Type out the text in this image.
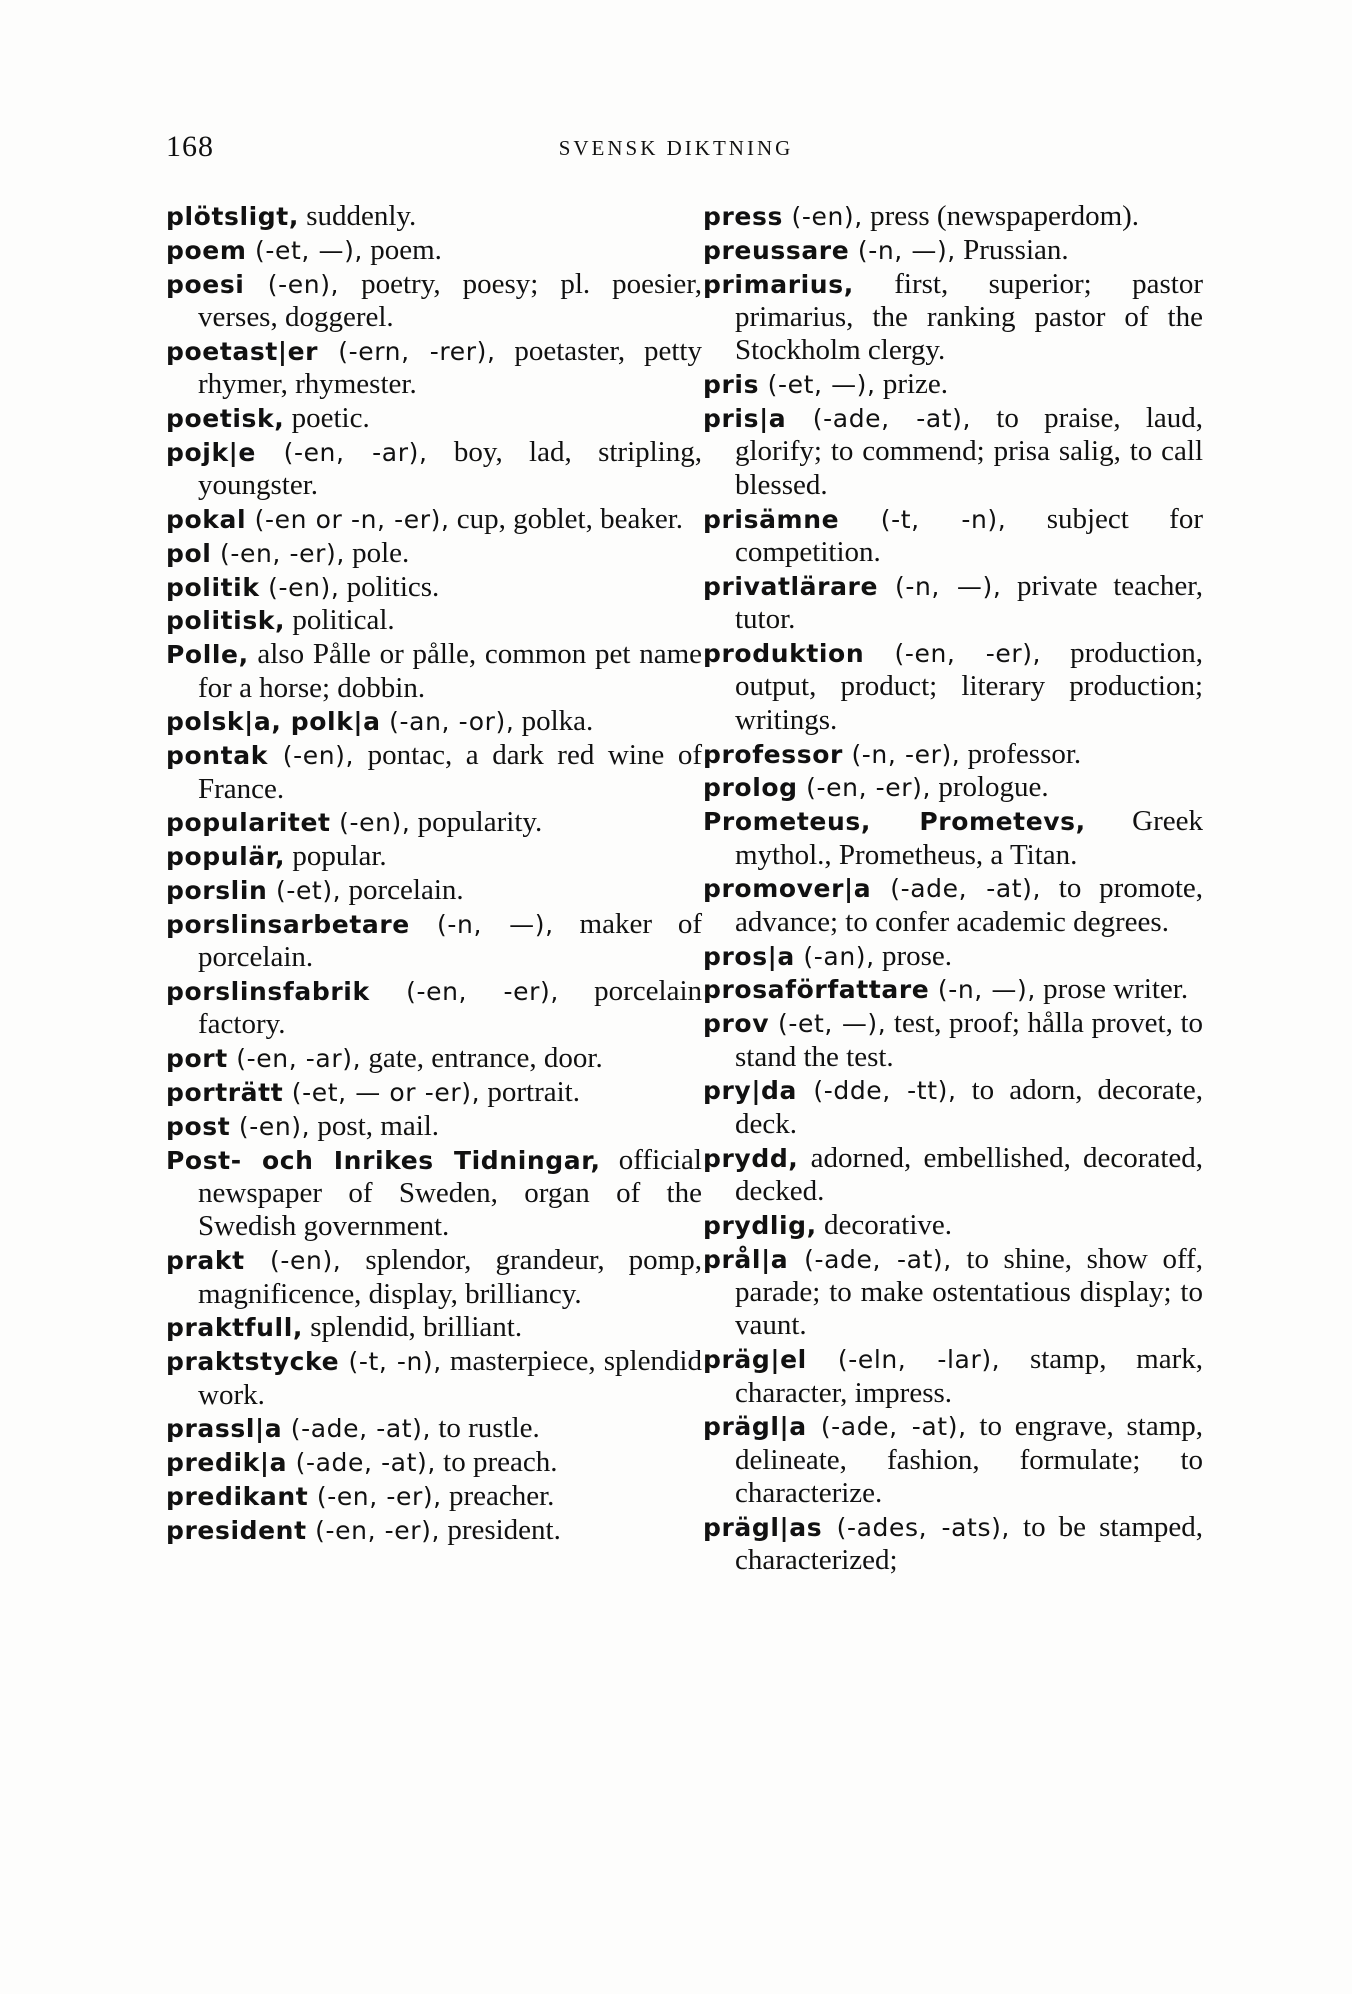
168	SVENSK DIKTNING

plötsligt, suddenly.

poem (-et, —), poem.

poesi (-en), poetry, poesy; pl. poesier, verses, doggerel.

poetast|er (-ern, -rer), poetaster, petty rhymer, rhymester.

poetisk, poetic.

pojk|e (-en, -ar), boy, lad, stripling, youngster.

pokal (-en or -n, -er), cup, goblet, beaker.

pol (-en, -er), pole.

politik (-en), politics.

politisk, political.

Polle, also Pålle or pålle, common pet name for a horse; dobbin.

polsk|a, polk|a (-an, -or), polka.

pontak (-en), pontac, a dark red wine of France.

popularitet (-en), popularity.

populär, popular.

porslin (-et), porcelain.

porslinsarbetare (-n, —), maker of porcelain.

porslinsfabrik (-en, -er), porcelain factory.

port (-en, -ar), gate, entrance, door.

porträtt (-et, — or -er), portrait.

post (-en), post, mail.

Post- och Inrikes Tidningar, official newspaper of Sweden, organ of the Swedish government.

prakt (-en), splendor, grandeur, pomp, magnificence, display, brilliancy.

praktfull, splendid, brilliant.

praktstycke (-t, -n), masterpiece, splendid work.

prassl|a (-ade, -at), to rustle.

predik|a (-ade, -at), to preach.

predikant (-en, -er), preacher.

president (-en, -er), president.

press (-en), press (newspaperdom).

preussare (-n, —), Prussian.

primarius, first, superior; pastor primarius, the ranking pastor of the Stockholm clergy.

pris (-et, —), prize.

pris|a (-ade, -at), to praise, laud, glorify; to commend; prisa salig, to call blessed.

prisämne (-t, -n), subject for competition.

privatlärare (-n, —), private teacher, tutor.

produktion (-en, -er), production, output, product; literary production; writings.

professor (-n, -er), professor.

prolog (-en, -er), prologue.

Prometeus, Prometevs, Greek mythol., Prometheus, a Titan.

promover|a (-ade, -at), to promote, advance; to confer academic degrees.

pros|a (-an), prose.

prosaförfattare (-n, —), prose writer.

prov (-et, —), test, proof; hålla provet, to stand the test.

pry|da (-dde, -tt), to adorn, decorate, deck.

prydd, adorned, embellished, decorated, decked.

prydlig, decorative.

prål|a (-ade, -at), to shine, show off, parade; to make ostentatious display; to vaunt.

präg|el (-eln, -lar), stamp, mark, character, impress.

prägl|a (-ade, -at), to engrave, stamp, delineate, fashion, formulate; to characterize.

prägl|as (-ades, -ats), to be stamped, characterized;
